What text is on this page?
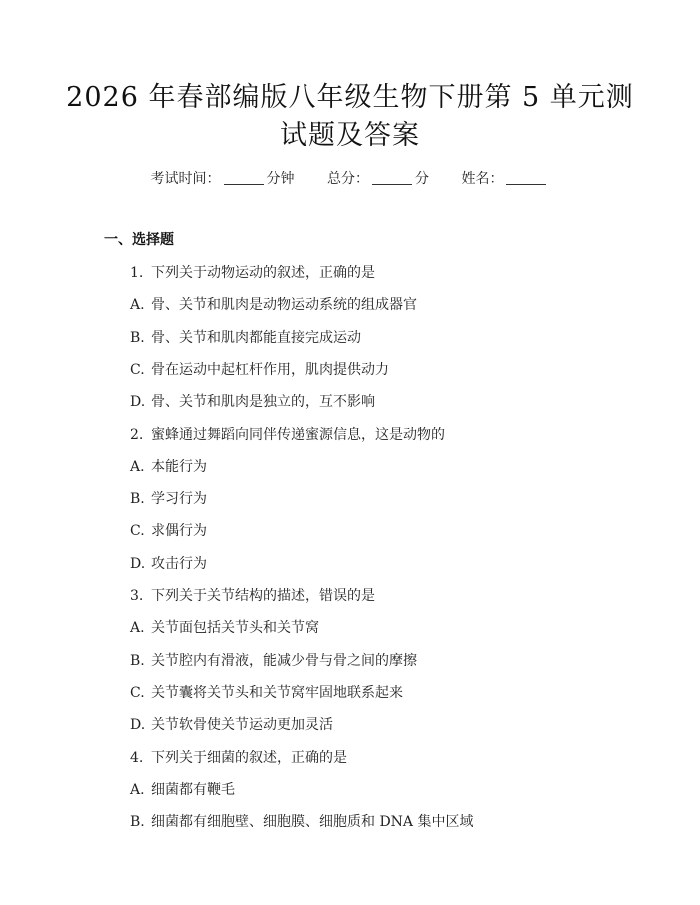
2026 年春部编版八年级生物下册第 5 单元测
试题及答案
考试时间：	分钟 总分：	分 姓名：
一、选择题
1. 下列关于动物运动的叙述，正确的是
A. 骨、关节和肌肉是动物运动系统的组成器官
B. 骨、关节和肌肉都能直接完成运动
C. 骨在运动中起杠杆作用，肌肉提供动力
D. 骨、关节和肌肉是独立的，互不影响
2. 蜜蜂通过舞蹈向同伴传递蜜源信息，这是动物的
A. 本能行为
B. 学习行为
C. 求偶行为
D. 攻击行为
3. 下列关于关节结构的描述，错误的是
A. 关节面包括关节头和关节窝
B. 关节腔内有滑液，能减少骨与骨之间的摩擦
C. 关节囊将关节头和关节窝牢固地联系起来
D. 关节软骨使关节运动更加灵活
4. 下列关于细菌的叙述，正确的是
A. 细菌都有鞭毛
B. 细菌都有细胞壁、细胞膜、细胞质和 DNA 集中区域
